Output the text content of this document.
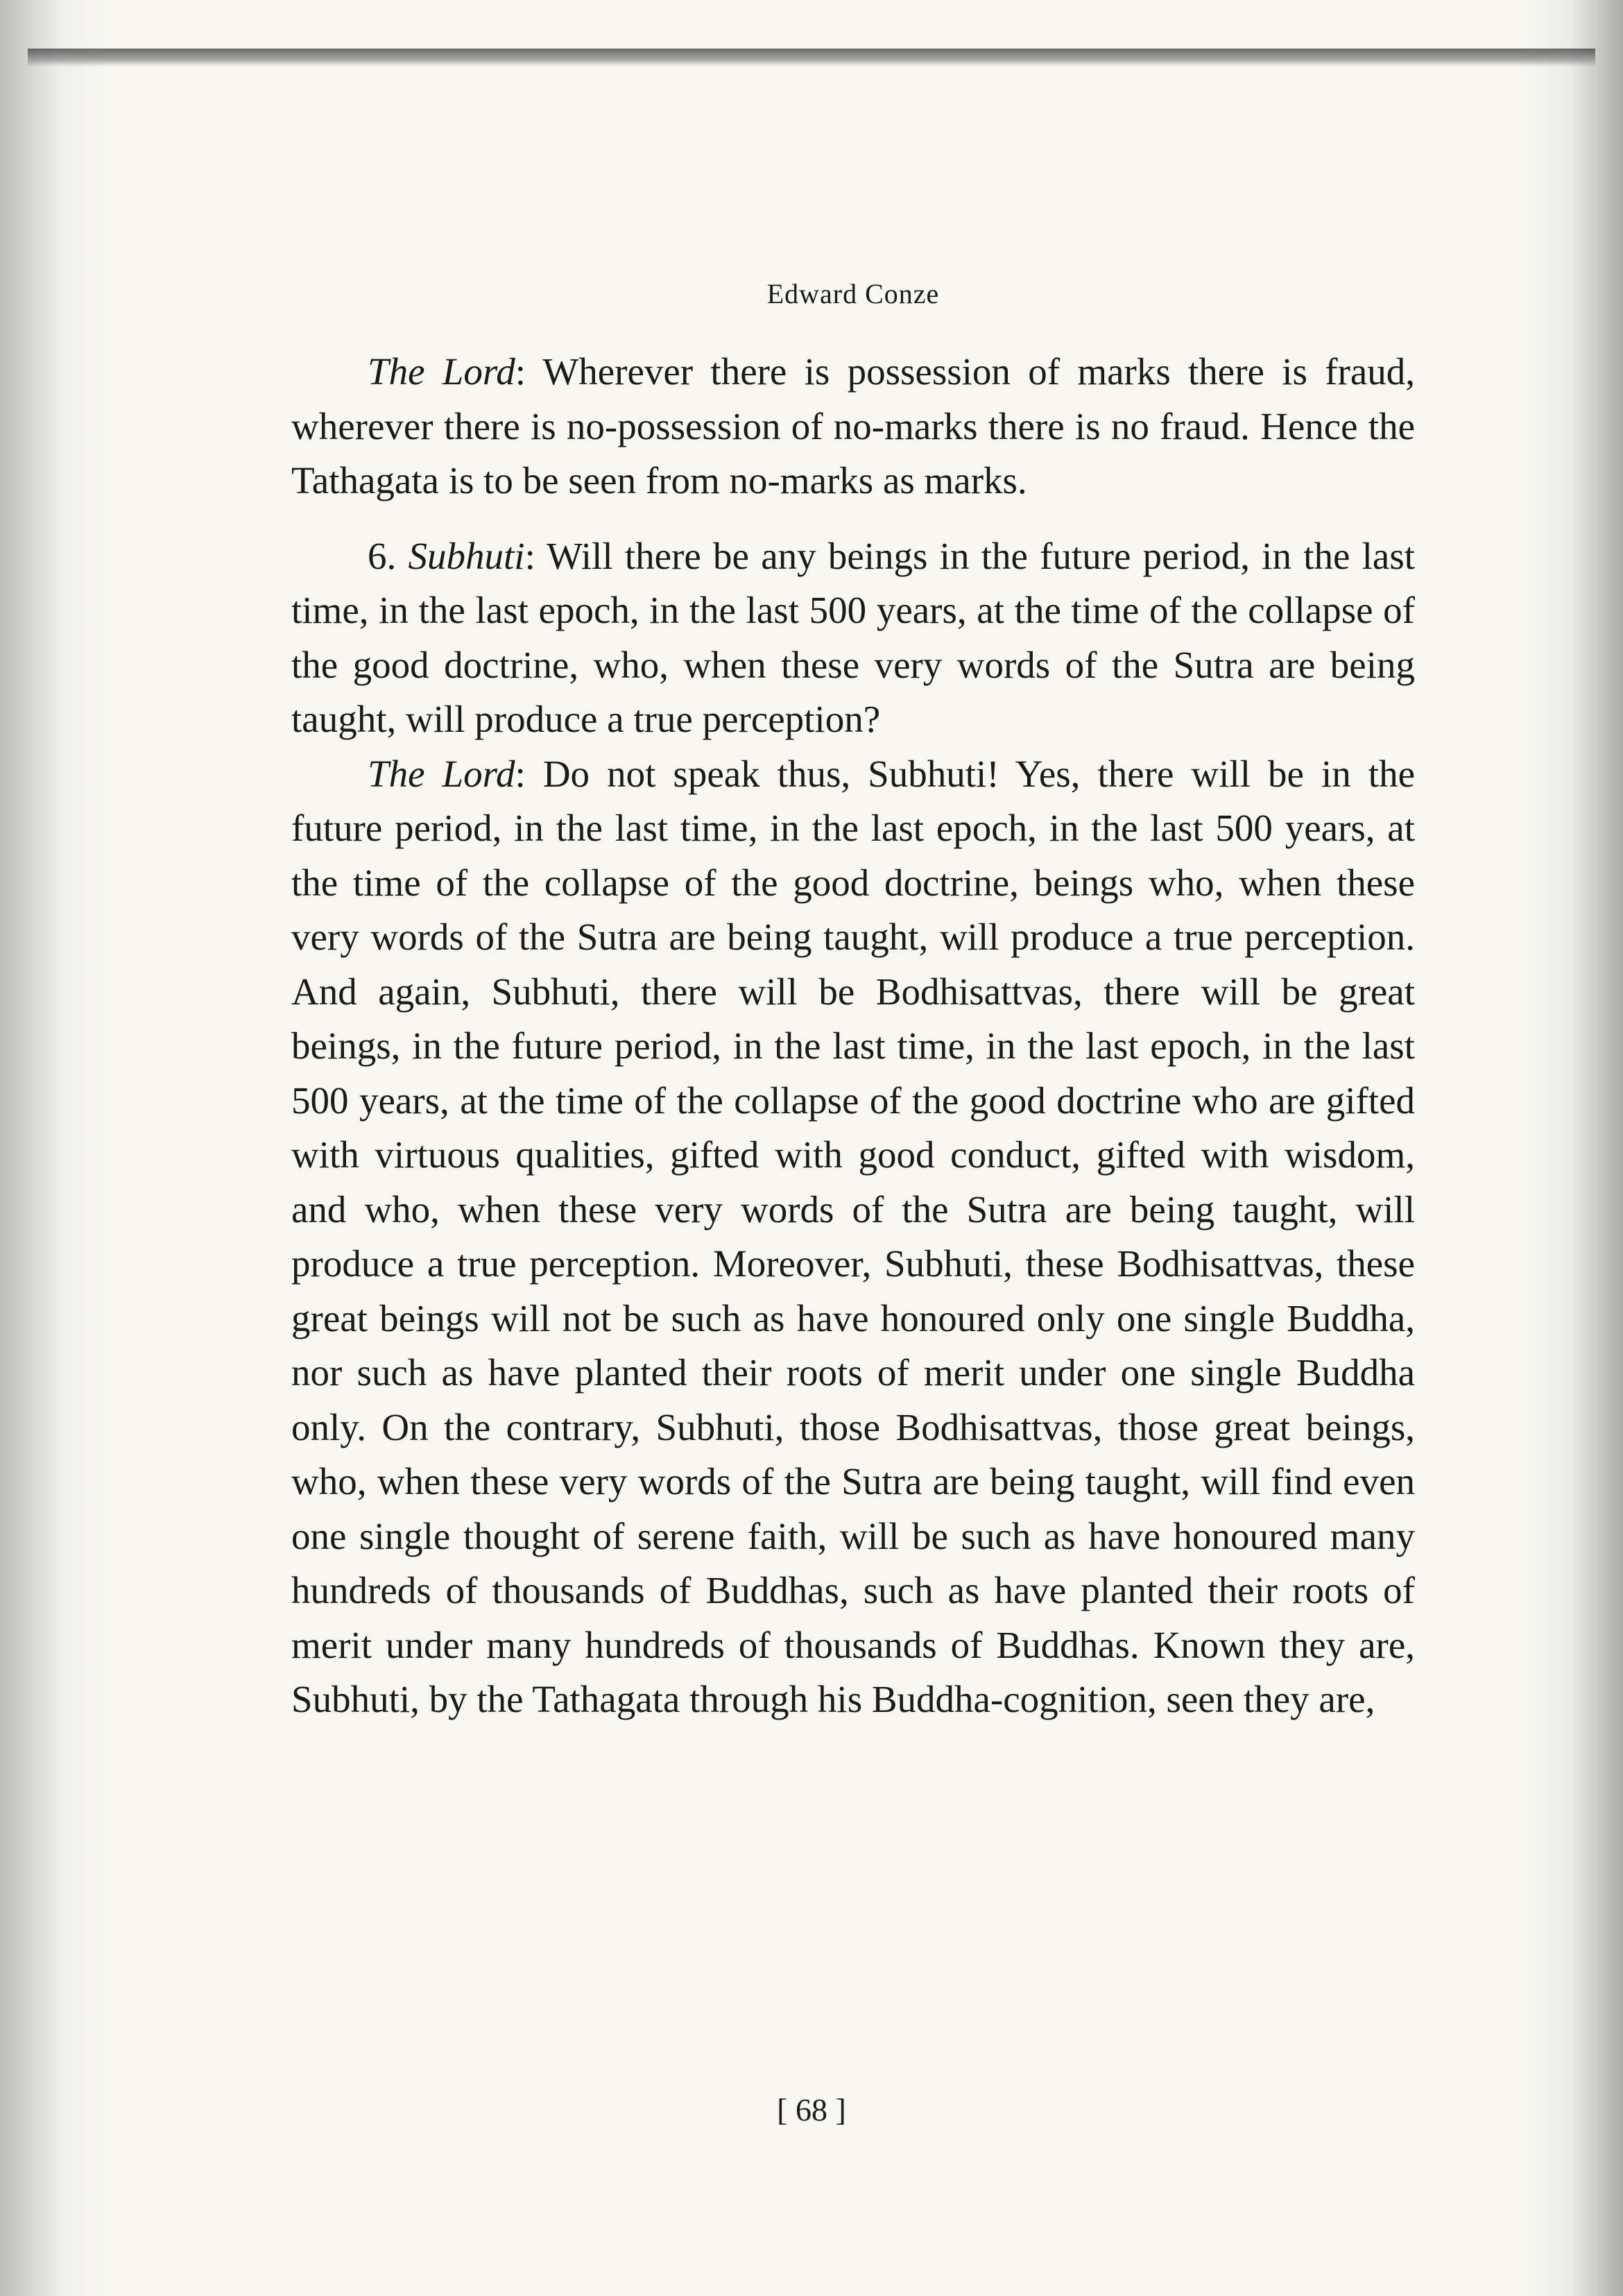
Edward Conze

The Lord: Wherever there is possession of marks there is fraud, wherever there is no-possession of no-marks there is no fraud. Hence the Tathagata is to be seen from no-marks as marks.

6. Subhuti: Will there be any beings in the future period, in the last time, in the last epoch, in the last 500 years, at the time of the collapse of the good doctrine, who, when these very words of the Sutra are being taught, will produce a true perception?

The Lord: Do not speak thus, Subhuti! Yes, there will be in the future period, in the last time, in the last epoch, in the last 500 years, at the time of the collapse of the good doctrine, beings who, when these very words of the Sutra are being taught, will produce a true perception. And again, Subhuti, there will be Bodhisattvas, there will be great beings, in the future period, in the last time, in the last epoch, in the last 500 years, at the time of the collapse of the good doctrine who are gifted with virtuous qualities, gifted with good conduct, gifted with wisdom, and who, when these very words of the Sutra are being taught, will produce a true perception. Moreover, Subhuti, these Bodhisattvas, these great beings will not be such as have honoured only one single Buddha, nor such as have planted their roots of merit under one single Buddha only. On the contrary, Subhuti, those Bodhisattvas, those great beings, who, when these very words of the Sutra are being taught, will find even one single thought of serene faith, will be such as have honoured many hundreds of thousands of Buddhas, such as have planted their roots of merit under many hundreds of thousands of Buddhas. Known they are, Subhuti, by the Tathagata through his Buddha-cognition, seen they are,

[ 68 ]
